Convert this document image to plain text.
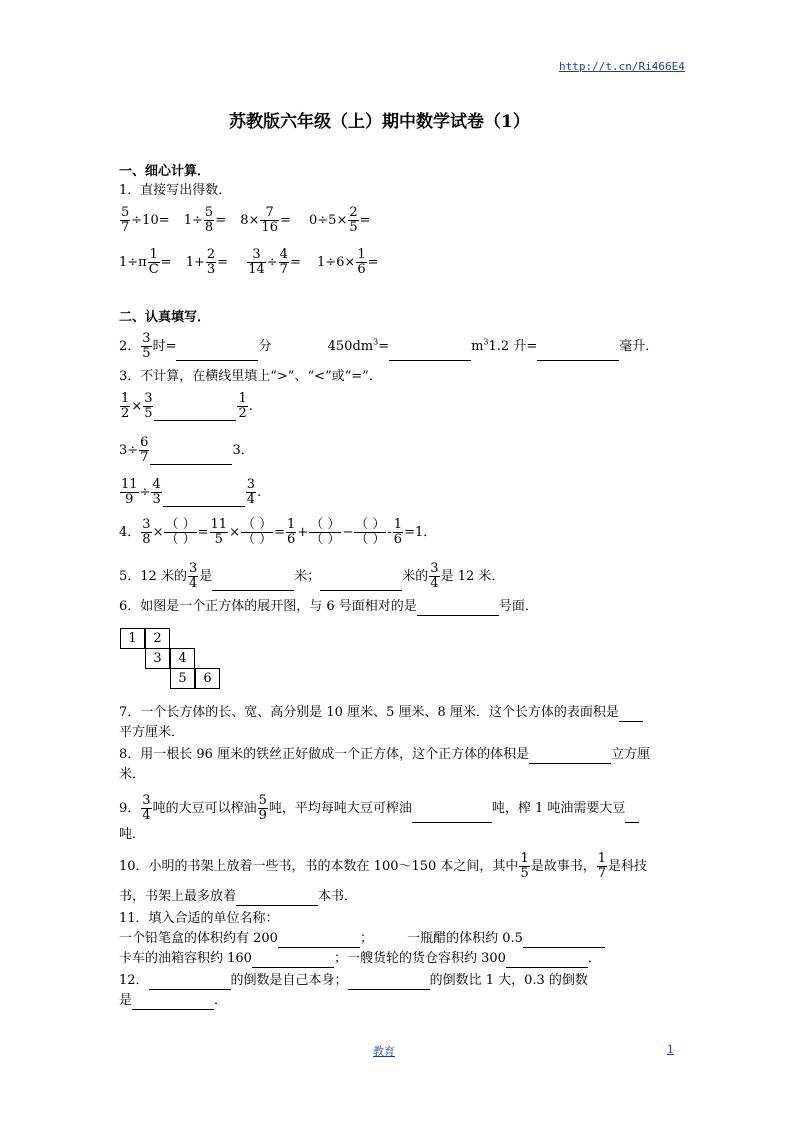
http://t.cn/Ri466E4
苏教版六年级（上）期中数学试卷（1）
一、细心计算．
1．直接写出得数．
$\frac{5}{7} \div 10= 1\div \frac{5}{8} = 8\times \frac{7}{16} = 0\div 5\times \frac{2}{5}$ =
$1\div\pi \frac{1}{C} = 1+ \frac{2}{3} = \frac{3}{14} \div \frac{4}{7} = 1\div 6\times \frac{1}{6}$ =
二、认真填写．
2． $\frac{3}{5}$ 时=	分	$450dm^3=$	$m^31.2$ 升=	毫升．
3．不计算，在横线里填上“>”、“<”或“=”．
$\frac{1}{2} \times \frac{3}{5}$	$\frac{1}{2}$ .
$3\div \frac{6}{7}$	3．
$\frac{11}{9} \div \frac{4}{3}$	$\frac{3}{4}$ .
4． $\frac{3}{8} \times \frac{( )}{( )} = \frac{11}{5} \times \frac{( )}{( )} = \frac{1}{6} + \frac{( )}{( )} - \frac{( )}{( )} - \frac{1}{6} =1$．
5．12 米的 $\frac{3}{4}$ 是	米；	米的 $\frac{3}{4}$ 是 12 米．
6．如图是一个正方体的展开图，与 6 号面相对的是	号面．
1	2
3	4
5	6
7．一个长方体的长、宽、高分别是 10 厘米、5 厘米、8 厘米．这个长方体的表面积是
平方厘米．
8．用一根长 96 厘米的铁丝正好做成一个正方体，这个正方体的体积是	立方厘
米．
9． $\frac{3}{4}$ 吨的大豆可以榨油 $\frac{5}{9}$ 吨，平均每吨大豆可榨油	吨，榨 1 吨油需要大豆
吨．
10．小明的书架上放着一些书，书的本数在 100～150 本之间，其中 $\frac{1}{5}$ 是故事书， $\frac{1}{7}$ 是科技
书，书架上最多放着	本书．
11．填入合适的单位名称：
一个铅笔盒的体积约有 200	；	一瓶醋的体积约 0.5
卡车的油箱容积约 160	；一艘货轮的货仓容积约 300	．
12．	的倒数是自己本身；	的倒数比 1 大，0.3 的倒数
是	．
教育	1
